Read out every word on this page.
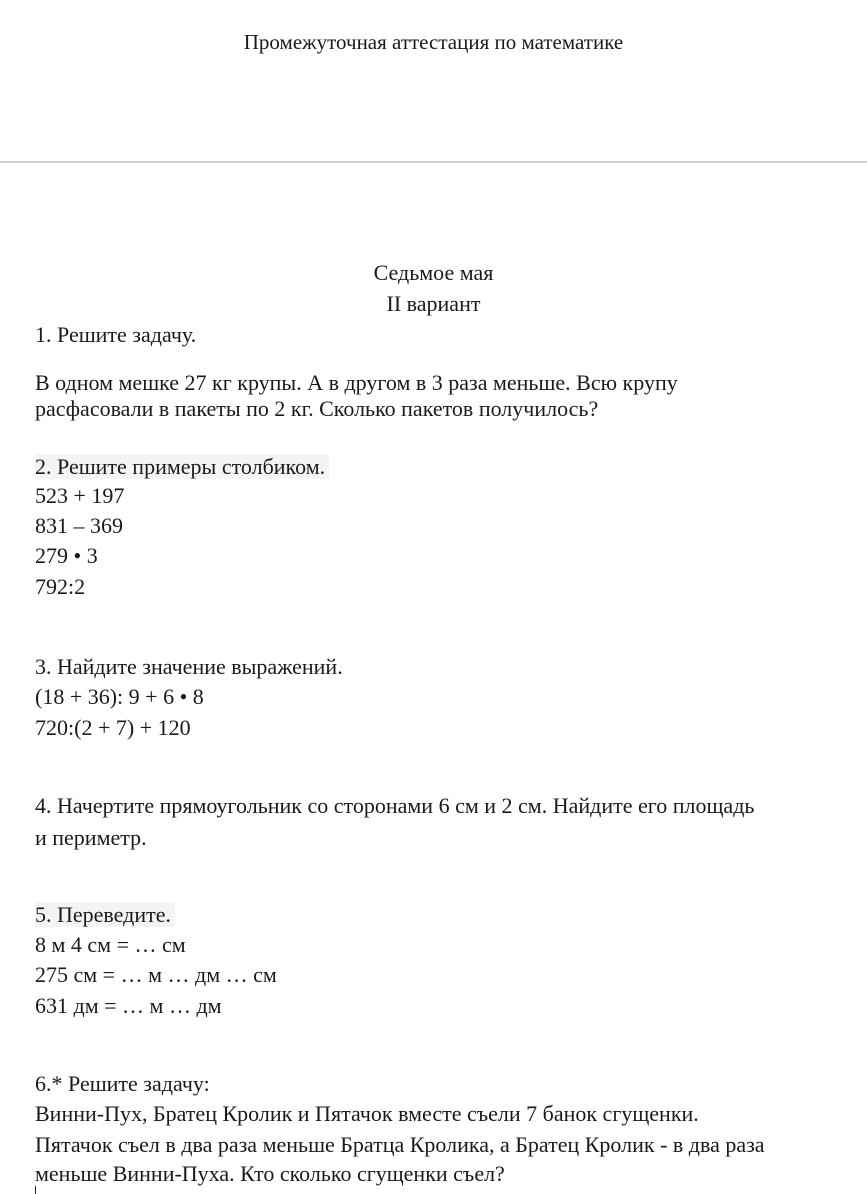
Промежуточная аттестация по математике
Седьмое мая
II вариант
1. Решите задачу.
В одном мешке 27 кг крупы. А в другом в 3 раза меньше. Всю крупу
расфасовали в пакеты по 2 кг. Сколько пакетов получилось?
2. Решите примеры столбиком.
523 + 197
831 – 369
279 • 3
792:2
3. Найдите значение выражений.
(18 + 36): 9 + 6 • 8
720:(2 + 7) + 120
4. Начертите прямоугольник со сторонами 6 см и 2 см. Найдите его площадь
и периметр.
5. Переведите.
8 м 4 см = … см
275 см = … м … дм … см
631 дм = … м … дм
6.* Решите задачу:
Винни-Пух, Братец Кролик и Пятачок вместе съели 7 банок сгущенки.
Пятачок съел в два раза меньше Братца Кролика, а Братец Кролик - в два раза
меньше Винни-Пуха. Кто сколько сгущенки съел?
